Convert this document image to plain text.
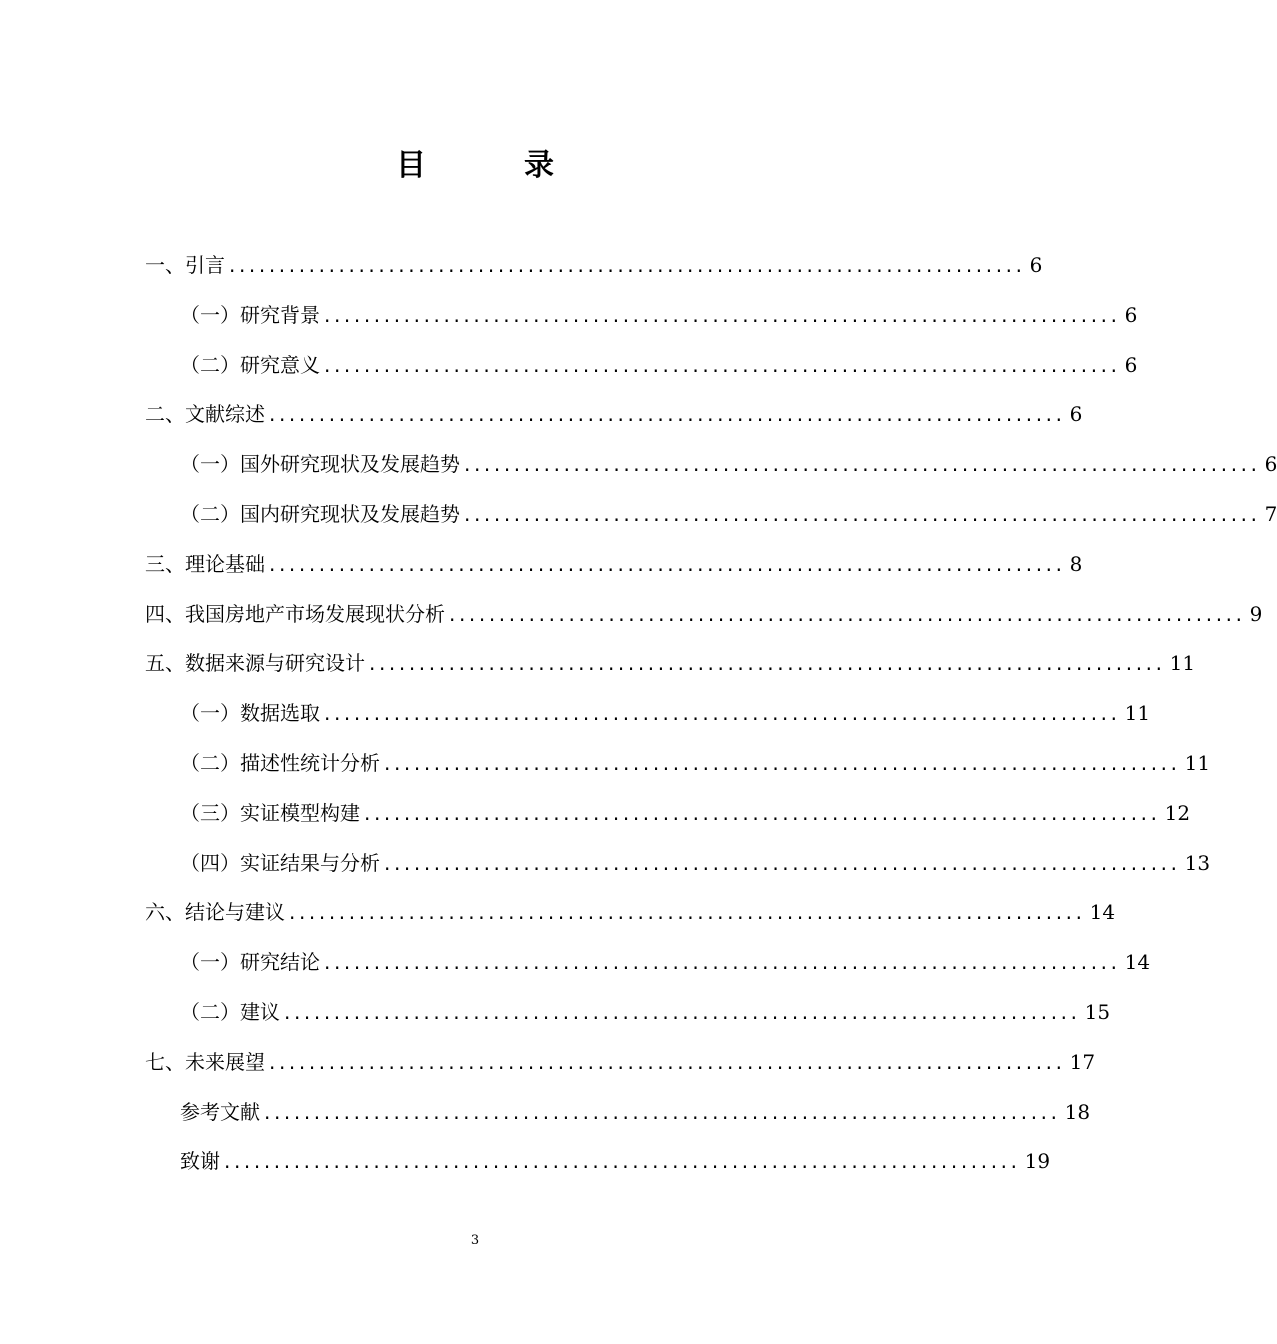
目　录
一、引言 ................................................................................ 6
（一）研究背景 ................................................................................ 6
（二）研究意义 ................................................................................ 6
二、文献综述 ................................................................................ 6
（一）国外研究现状及发展趋势 ................................................................................ 6
（二）国内研究现状及发展趋势 ................................................................................ 7
三、理论基础 ................................................................................ 8
四、我国房地产市场发展现状分析 ................................................................................ 9
五、数据来源与研究设计 ................................................................................ 11
（一）数据选取 ................................................................................ 11
（二）描述性统计分析 ................................................................................ 11
（三）实证模型构建 ................................................................................ 12
（四）实证结果与分析 ................................................................................ 13
六、结论与建议 ................................................................................ 14
（一）研究结论 ................................................................................ 14
（二）建议 ................................................................................ 15
七、未来展望 ................................................................................ 17
参考文献 ................................................................................ 18
致谢 ................................................................................ 19
3
